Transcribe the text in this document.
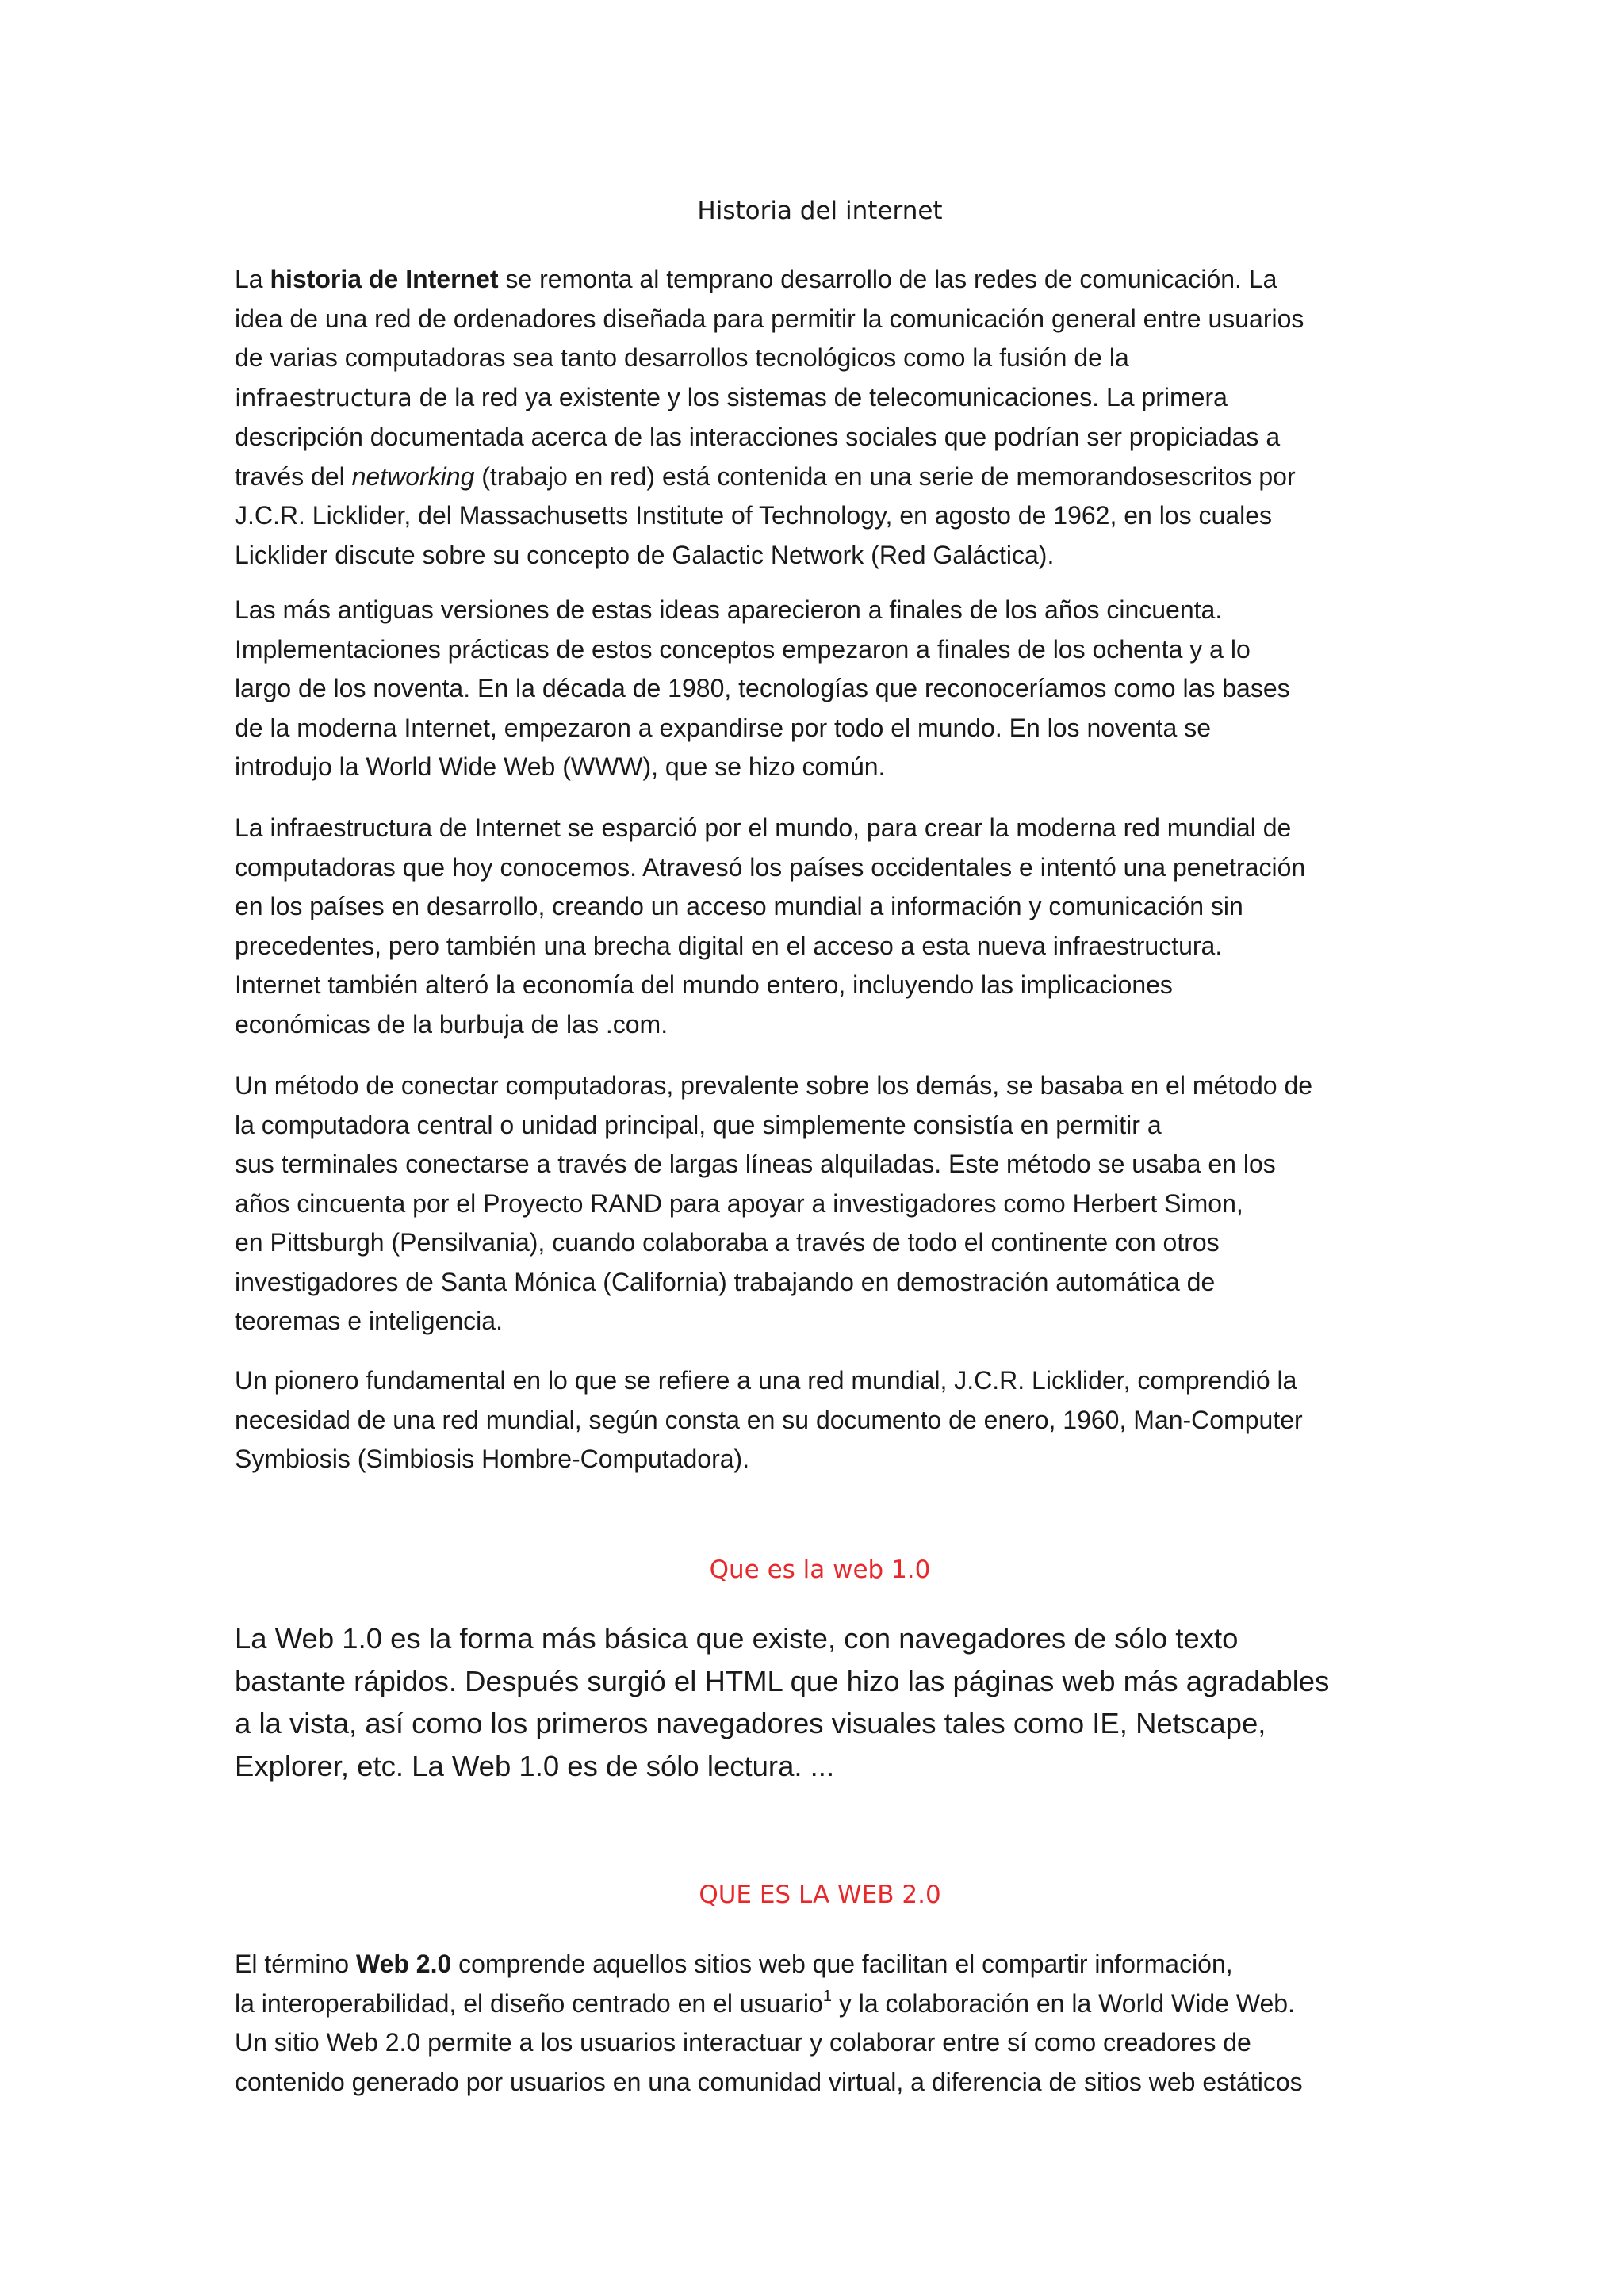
Historia del internet

La historia de Internet se remonta al temprano desarrollo de las redes de comunicación. La
idea de una red de ordenadores diseñada para permitir la comunicación general entre usuarios
de varias computadoras sea tanto desarrollos tecnológicos como la fusión de la
infraestructura de la red ya existente y los sistemas de telecomunicaciones. La primera
descripción documentada acerca de las interacciones sociales que podrían ser propiciadas a
través del networking (trabajo en red) está contenida en una serie de memorandosescritos por
J.C.R. Licklider, del Massachusetts Institute of Technology, en agosto de 1962, en los cuales
Licklider discute sobre su concepto de Galactic Network (Red Galáctica).

Las más antiguas versiones de estas ideas aparecieron a finales de los años cincuenta.
Implementaciones prácticas de estos conceptos empezaron a finales de los ochenta y a lo
largo de los noventa. En la década de 1980, tecnologías que reconoceríamos como las bases
de la moderna Internet, empezaron a expandirse por todo el mundo. En los noventa se
introdujo la World Wide Web (WWW), que se hizo común.

La infraestructura de Internet se esparció por el mundo, para crear la moderna red mundial de
computadoras que hoy conocemos. Atravesó los países occidentales e intentó una penetración
en los países en desarrollo, creando un acceso mundial a información y comunicación sin
precedentes, pero también una brecha digital en el acceso a esta nueva infraestructura.
Internet también alteró la economía del mundo entero, incluyendo las implicaciones
económicas de la burbuja de las .com.

Un método de conectar computadoras, prevalente sobre los demás, se basaba en el método de
la computadora central o unidad principal, que simplemente consistía en permitir a
sus terminales conectarse a través de largas líneas alquiladas. Este método se usaba en los
años cincuenta por el Proyecto RAND para apoyar a investigadores como Herbert Simon,
en Pittsburgh (Pensilvania), cuando colaboraba a través de todo el continente con otros
investigadores de Santa Mónica (California) trabajando en demostración automática de
teoremas e inteligencia.

Un pionero fundamental en lo que se refiere a una red mundial, J.C.R. Licklider, comprendió la
necesidad de una red mundial, según consta en su documento de enero, 1960, Man-Computer
Symbiosis (Simbiosis Hombre-Computadora).

Que es la web 1.0

La Web 1.0 es la forma más básica que existe, con navegadores de sólo texto
bastante rápidos. Después surgió el HTML que hizo las páginas web más agradables
a la vista, así como los primeros navegadores visuales tales como IE, Netscape,
Explorer, etc. La Web 1.0 es de sólo lectura. ...

QUE ES LA WEB 2.0

El término Web 2.0 comprende aquellos sitios web que facilitan el compartir información,
la interoperabilidad, el diseño centrado en el usuario$^1$ y la colaboración en la World Wide Web.
Un sitio Web 2.0 permite a los usuarios interactuar y colaborar entre sí como creadores de
contenido generado por usuarios en una comunidad virtual, a diferencia de sitios web estáticos
